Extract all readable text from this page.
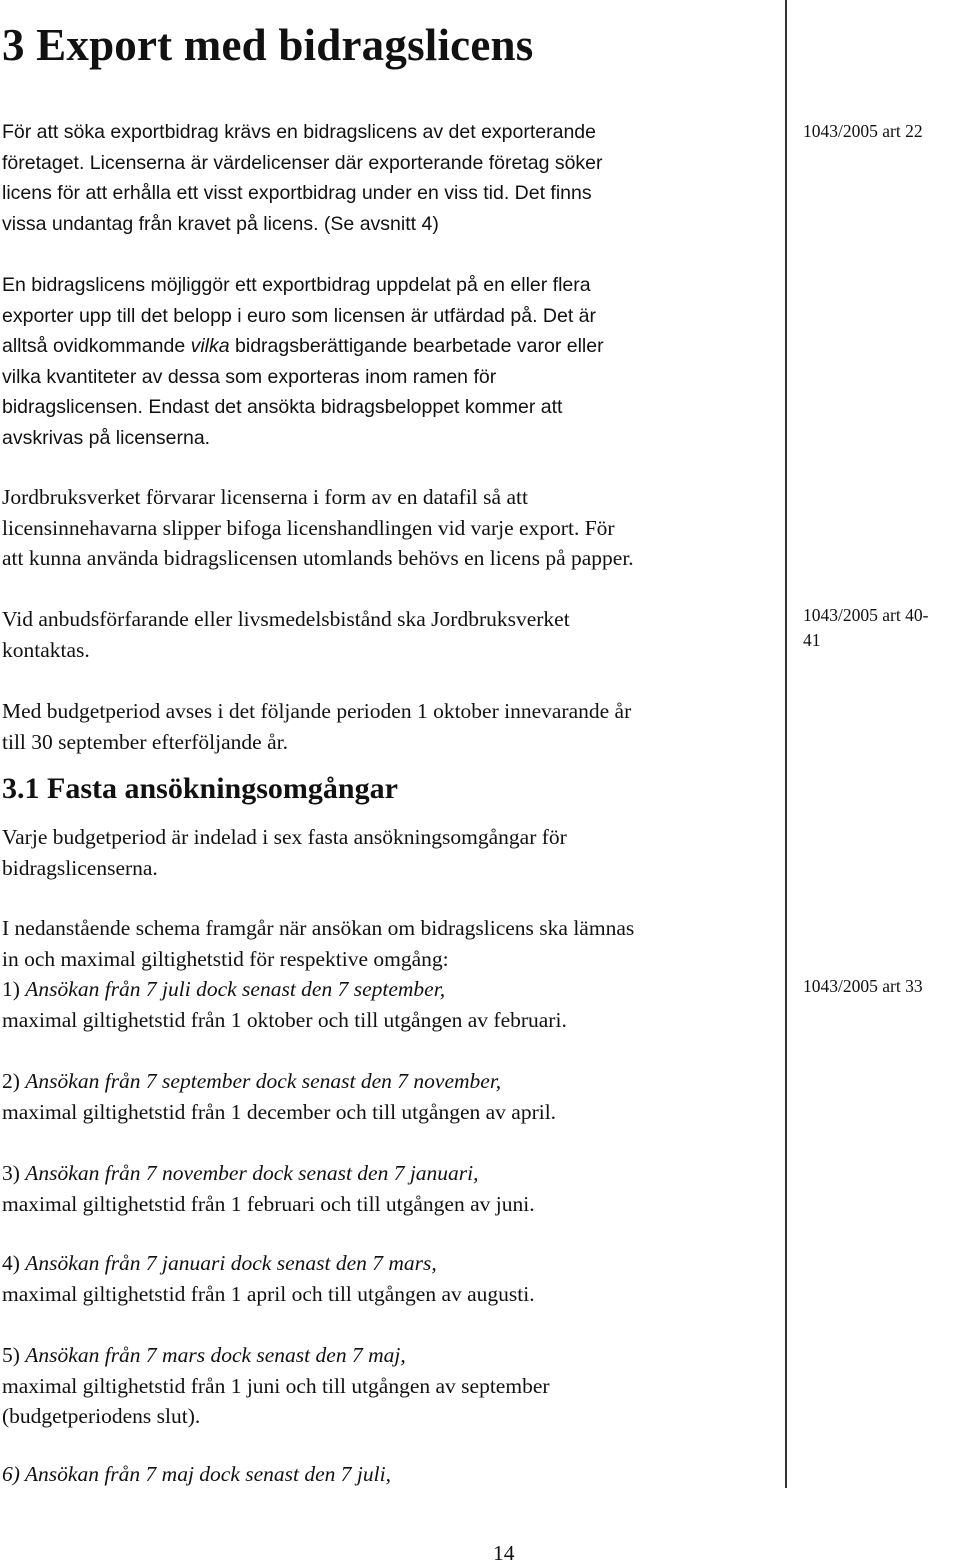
3 Export med bidragslicens
För att söka exportbidrag krävs en bidragslicens av det exporterande
företaget. Licenserna är värdelicenser där exporterande företag söker
licens för att erhålla ett visst exportbidrag under en viss tid. Det finns
vissa undantag från kravet på licens. (Se avsnitt 4)
En bidragslicens möjliggör ett exportbidrag uppdelat på en eller flera
exporter upp till det belopp i euro som licensen är utfärdad på. Det är
alltså ovidkommande vilka bidragsberättigande bearbetade varor eller
vilka kvantiteter av dessa som exporteras inom ramen för
bidragslicensen. Endast det ansökta bidragsbeloppet kommer att
avskrivas på licenserna.
Jordbruksverket förvarar licenserna i form av en datafil så att
licensinnehavarna slipper bifoga licenshandlingen vid varje export. För
att kunna använda bidragslicensen utomlands behövs en licens på papper.
Vid anbudsförfarande eller livsmedelsbistånd ska Jordbruksverket
kontaktas.
Med budgetperiod avses i det följande perioden 1 oktober innevarande år
till 30 september efterföljande år.
3.1 Fasta ansökningsomgångar
Varje budgetperiod är indelad i sex fasta ansökningsomgångar för
bidragslicenserna.
I nedanstående schema framgår när ansökan om bidragslicens ska lämnas
in och maximal giltighetstid för respektive omgång:
1) Ansökan från 7 juli dock senast den 7 september,
maximal giltighetstid från 1 oktober och till utgången av februari.
2) Ansökan från 7 september dock senast den 7 november,
maximal giltighetstid från 1 december och till utgången av april.
3) Ansökan från 7 november dock senast den 7 januari,
maximal giltighetstid från 1 februari och till utgången av juni.
4) Ansökan från 7 januari dock senast den 7 mars,
maximal giltighetstid från 1 april och till utgången av augusti.
5) Ansökan från 7 mars dock senast den 7 maj,
maximal giltighetstid från 1 juni och till utgången av september
(budgetperiodens slut).
6) Ansökan från 7 maj dock senast den 7 juli,
1043/2005 art 22
1043/2005 art 40-
41
1043/2005 art 33
14
